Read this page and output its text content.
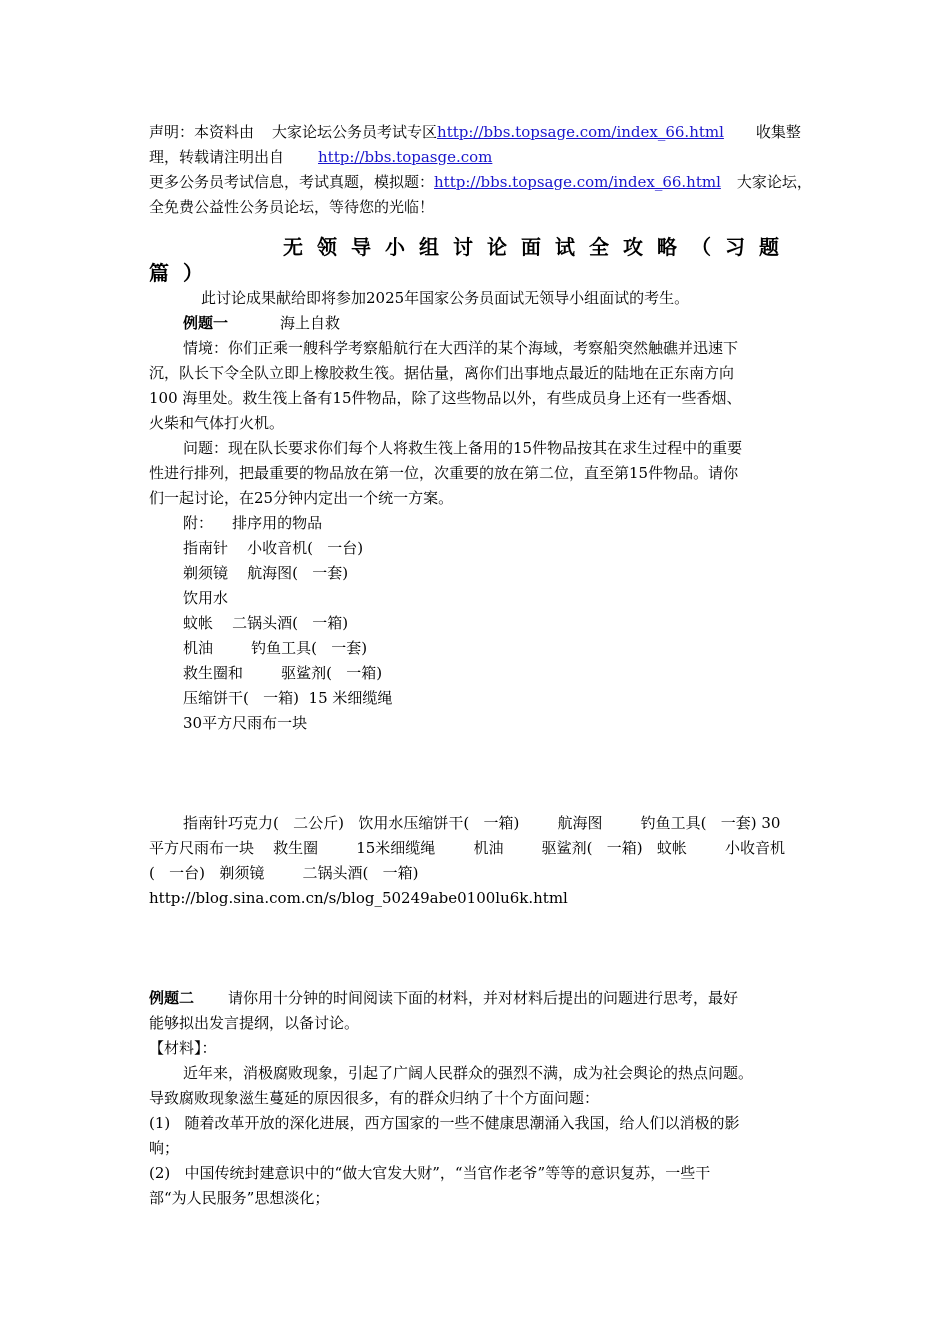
声明：本资料由 大家论坛公务员考试专区http://bbs.topsage.com/index_66.html 收集整
理，转载请注明出自 http://bbs.topasge.com
更多公务员考试信息，考试真题，模拟题：http://bbs.topsage.com/index_66.html 大家论坛，
全免费公益性公务员论坛，等待您的光临！
无领导小组讨论面试全攻略（习题
篇）
此讨论成果献给即将参加2025年国家公务员面试无领导小组面试的考生。
例题一	海上自救
情境：你们正乘一艘科学考察船航行在大西洋的某个海域，考察船突然触礁并迅速下
沉，队长下令全队立即上橡胶救生筏。据估量，离你们出事地点最近的陆地在正东南方向
100 海里处。救生筏上备有15件物品，除了这些物品以外，有些成员身上还有一些香烟、
火柴和气体打火机。
问题：现在队长要求你们每个人将救生筏上备用的15件物品按其在求生过程中的重要
性进行排列，把最重要的物品放在第一位，次重要的放在第二位，直至第15件物品。请你
们一起讨论，在25分钟内定出一个统一方案。
附：    排序用的物品
指南针    小收音机(   一台)
剃须镜    航海图(   一套)
饮用水
蚊帐    二锅头酒(   一箱)
机油        钓鱼工具(   一套)
救生圈和        驱鲨剂(   一箱)
压缩饼干(   一箱)  15 米细缆绳
30平方尺雨布一块
指南针巧克力(   二公斤)   饮用水压缩饼干(   一箱)        航海图        钓鱼工具(   一套) 30
平方尺雨布一块    救生圈        15米细缆绳        机油        驱鲨剂(   一箱)   蚊帐        小收音机
(   一台)   剃须镜        二锅头酒(   一箱)
http://blog.sina.com.cn/s/blog_50249abe0100lu6k.html
例题二 请你用十分钟的时间阅读下面的材料，并对材料后提出的问题进行思考，最好
能够拟出发言提纲，以备讨论。
【材料】：
近年来，消极腐败现象，引起了广阔人民群众的强烈不满，成为社会舆论的热点问题。
导致腐败现象滋生蔓延的原因很多，有的群众归纳了十个方面问题：
(1)   随着改革开放的深化进展，西方国家的一些不健康思潮涌入我国，给人们以消极的影
响；
(2)   中国传统封建意识中的“做大官发大财”，“当官作老爷”等等的意识复苏，一些干
部“为人民服务”思想淡化；
